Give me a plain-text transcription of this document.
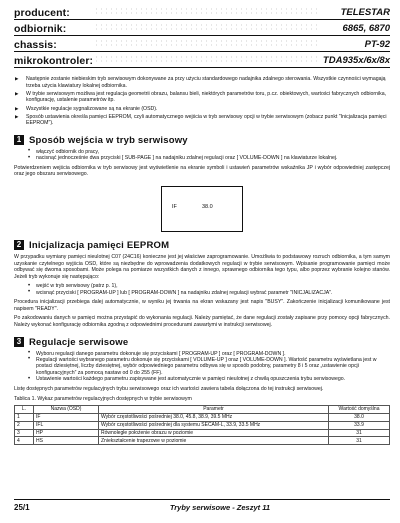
producent:	TELESTAR
odbiornik:	6865, 6870
chassis:	PT-92
mikrokontroler:	TDA935x/6x/8x
▶ Następnie zostanie niebieskim tryb serwisowym dokonywane za przy użyciu standardowego nadajnika zdalnego sterowania. Wszystkie czynności wymagają trzeba użycia klawiatury lokalnej odbiornika.
▶ W trybie serwisowym możliwa jest regulacja geometrii obrazu, balansu bieli, niektórych parametrów toru, p.cz. obiektowych, wartości fabrycznych odbiornika, konfigurację, ustalenie parametrów itp.
▶ Wszystkie regulacje sygnalizowane są na ekranie (OSD).
▶ Sposób ustawienia określa pamięci EEPROM, czyli automatycznego wejścia w tryb serwisowy opcji w trybie serwisowym (zobacz punkt "Inicjalizacja pamięci EEPROM").
1 Sposób wejścia w tryb serwisowy
• włączyć odbiornik do pracy,
• nacisnąć jednocześnie dwa przyciski [ SUB-PAGE ] na nadajniku zdalnej regulacji oraz [ VOLUME-DOWN ] na klawiaturze lokalnej.

Potwierdzeniem wejścia odbiornika w tryb serwisowy jest wyświetlenie na ekranie symboli i ustawień parametrów wskaźnika JP i wybór odpowiedniej zastępczej oraz jego obszaru serwisowego.

IF	38.0
2 Inicjalizacja pamięci EEPROM

W przypadku wymiany pamięci nieulotnej C07 (24C16) konieczne jest jej właściwe zaprogramowanie. Umożliwia to podstawowy rozruch odbiornika, a tym samym uzyskanie czytelnego wyjścia OSD, które są niezbędne do wprowadzenia dodatkowych regulacji w trybie serwisowym. Wpisanie programowanie pamięci może odbywać się dwoma sposobami. Może polega na pomiarze wszystkich danych z innego, sprawnego odbiornika tego typu, albo poprzez wybranie kolejno stanów. Jeżeli tryb wykonuje się następująco:

• wejść w tryb serwisowy (patrz p. 1),
• wcisnąć przyciski [ PROGRAM-UP ] lub [ PROGRAM-DOWN ] na nadajniku zdalnej regulacji wybrać parametr "INICJALIZACJA".

Procedura inicjalizacji przebiega dalej automatycznie, w wyniku jej trwania na ekran wskazany jest napis "BUSY". Zakończenie inicjalizacji komunikowane jest napisem "READY".

Po zakodowaniu danych w pamięci można przystąpić do wykonania regulacji. Należy pamiętać, że dane regulacji zostały zapisane przy pomocy opcji fabrycznych. Należy wykonać konfigurację odbiornika zgodną z odpowiednimi procedurami zawartymi w instrukcji serwisowej.

3 Regulacje serwisowe
• Wyboru regulacji danego parametru dokonuje się przyciskami [ PROGRAM-UP ] oraz [ PROGRAM-DOWN ].
• Regulacji wartości wybranego parametru dokonuje się przyciskami [ VOLUME-UP ] oraz [ VOLUME-DOWN ]. Wartość parametru wyświetlana jest w postaci dziesiętnej, liczby dziesiętnej, wybór odpowiedniego parametru odbywa się w sposób podobny, parametry 8 i 5 oraz „ustawienie opcji konfiguracyjnych” za pomocą nastaw od 0 do 255 (FF).
• Ustawienie wartości każdego parametru zapisywane jest automatycznie w pamięci nieulotnej z chwilą opuszczenia trybu serwisowego.

Listę dostępnych parametrów regulacyjnych trybu serwisowego oraz ich wartości zawiera tabela dołączona do tej instrukcji serwisowej.

Tablica 1. Wykaz parametrów regulacyjnych dostępnych w trybie serwisowym
L.	Nazwa (OSD)	Parametr	Wartość domyślna
1	IF	Wybór częstotliwości pośredniej 38.0, 45.8, 38.9, 39.5 MHz	38.0
2	IFL	Wybór częstotliwości pośredniej dla systemu SECAM-L, 33.9, 33.5 MHz	33.9
3	HP	Równoległe położenie obrazu w poziomie	31
4	HS	Zniekształcenie trapezowe w poziomie	31
25/1	Tryby serwisowe - Zeszyt 11
